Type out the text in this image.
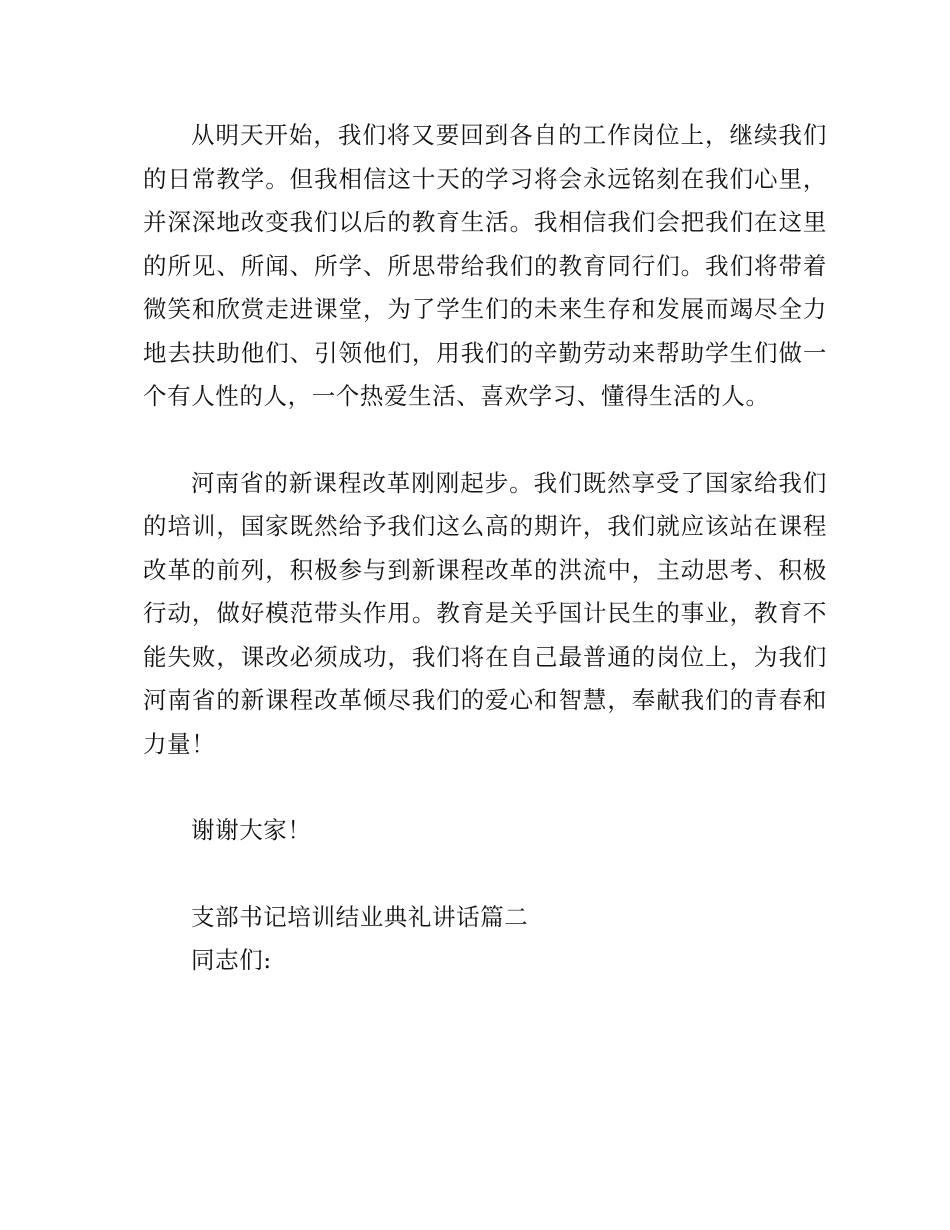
从明天开始，我们将又要回到各自的工作岗位上，继续我们的日常教学。但我相信这十天的学习将会永远铭刻在我们心里，并深深地改变我们以后的教育生活。我相信我们会把我们在这里的所见、所闻、所学、所思带给我们的教育同行们。我们将带着微笑和欣赏走进课堂，为了学生们的未来生存和发展而竭尽全力地去扶助他们、引领他们，用我们的辛勤劳动来帮助学生们做一个有人性的人，一个热爱生活、喜欢学习、懂得生活的人。

河南省的新课程改革刚刚起步。我们既然享受了国家给我们的培训，国家既然给予我们这么高的期许，我们就应该站在课程改革的前列，积极参与到新课程改革的洪流中，主动思考、积极行动，做好模范带头作用。教育是关乎国计民生的事业，教育不能失败，课改必须成功，我们将在自己最普通的岗位上，为我们河南省的新课程改革倾尽我们的爱心和智慧，奉献我们的青春和力量！

谢谢大家！

支部书记培训结业典礼讲话篇二

同志们:
